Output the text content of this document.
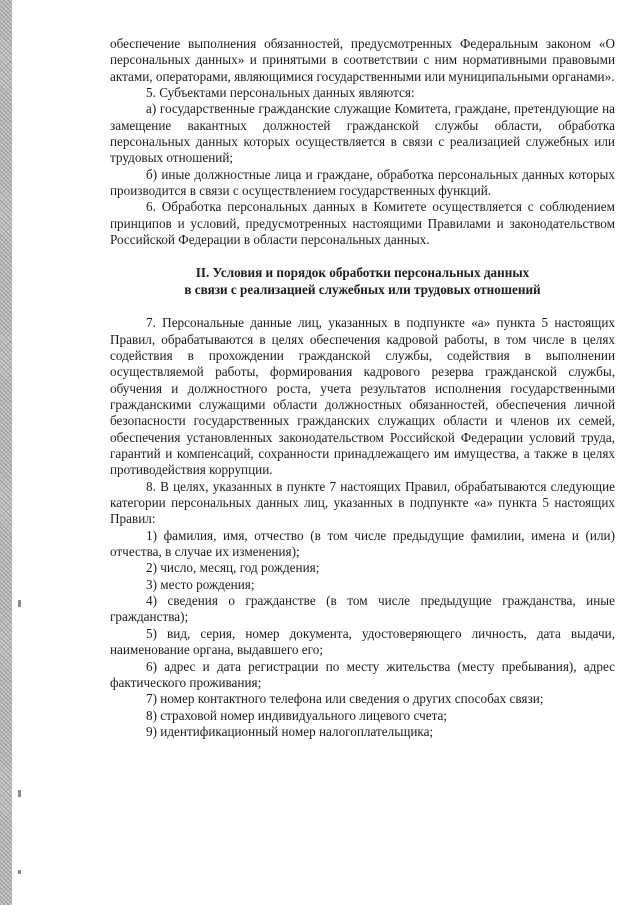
обеспечение выполнения обязанностей, предусмотренных Федеральным законом «О персональных данных» и принятыми в соответствии с ним нормативными правовыми актами, операторами, являющимися государственными или муниципальными органами».

5. Субъектами персональных данных являются:

а) государственные гражданские служащие Комитета, граждане, претендующие на замещение вакантных должностей гражданской службы области, обработка персональных данных которых осуществляется в связи с реализацией служебных или трудовых отношений;

б) иные должностные лица и граждане, обработка персональных данных которых производится в связи с осуществлением государственных функций.

6. Обработка персональных данных в Комитете осуществляется с соблюдением принципов и условий, предусмотренных настоящими Правилами и законодательством Российской Федерации в области персональных данных.

II. Условия и порядок обработки персональных данных
в связи с реализацией служебных или трудовых отношений

7. Персональные данные лиц, указанных в подпункте «а» пункта 5 настоящих Правил, обрабатываются в целях обеспечения кадровой работы, в том числе в целях содействия в прохождении гражданской службы, содействия в выполнении осуществляемой работы, формирования кадрового резерва гражданской службы, обучения и должностного роста, учета результатов исполнения государственными гражданскими служащими области должностных обязанностей, обеспечения личной безопасности государственных гражданских служащих области и членов их семей, обеспечения установленных законодательством Российской Федерации условий труда, гарантий и компенсаций, сохранности принадлежащего им имущества, а также в целях противодействия коррупции.

8. В целях, указанных в пункте 7 настоящих Правил, обрабатываются следующие категории персональных данных лиц, указанных в подпункте «а» пункта 5 настоящих Правил:

1) фамилия, имя, отчество (в том числе предыдущие фамилии, имена и (или) отчества, в случае их изменения);

2) число, месяц, год рождения;

3) место рождения;

4) сведения о гражданстве (в том числе предыдущие гражданства, иные гражданства);

5) вид, серия, номер документа, удостоверяющего личность, дата выдачи, наименование органа, выдавшего его;

6) адрес и дата регистрации по месту жительства (месту пребывания), адрес фактического проживания;

7) номер контактного телефона или сведения о других способах связи;

8) страховой номер индивидуального лицевого счета;

9) идентификационный номер налогоплательщика;
